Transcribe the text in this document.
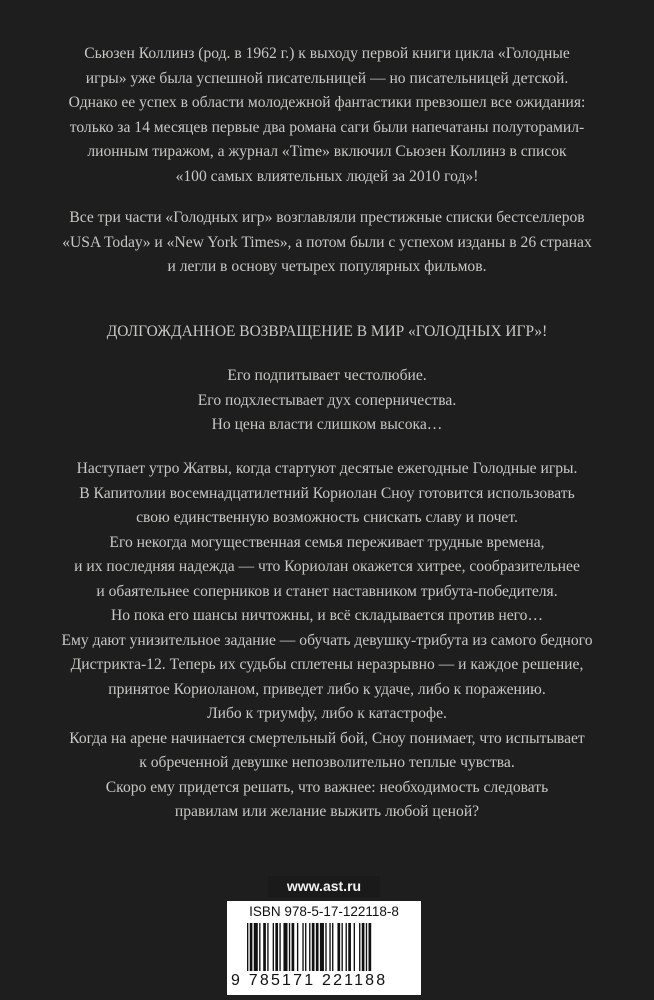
Сьюзен Коллинз (род. в 1962 г.) к выходу первой книги цикла «Голодные
игры» уже была успешной писательницей — но писательницей детской.
Однако ее успех в области молодежной фантастики превзошел все ожидания:
только за 14 месяцев первые два романа саги были напечатаны полуторамил-
лионным тиражом, а журнал «Time» включил Сьюзен Коллинз в список
«100 самых влиятельных людей за 2010 год»!

Все три части «Голодных игр» возглавляли престижные списки бестселлеров
«USA Today» и «New York Times», а потом были с успехом изданы в 26 странах
и легли в основу четырех популярных фильмов.

ДОЛГОЖДАННОЕ ВОЗВРАЩЕНИЕ В МИР «ГОЛОДНЫХ ИГР»!

Его подпитывает честолюбие.
Его подхлестывает дух соперничества.
Но цена власти слишком высока…

Наступает утро Жатвы, когда стартуют десятые ежегодные Голодные игры.
В Капитолии восемнадцатилетний Кориолан Сноу готовится использовать
свою единственную возможность снискать славу и почет.
Его некогда могущественная семья переживает трудные времена,
и их последняя надежда — что Кориолан окажется хитрее, сообразительнее
и обаятельнее соперников и станет наставником трибута-победителя.
Но пока его шансы ничтожны, и всё складывается против него…
Ему дают унизительное задание — обучать девушку-трибута из самого бедного
Дистрикта-12. Теперь их судьбы сплетены неразрывно — и каждое решение,
принятое Кориоланом, приведет либо к удаче, либо к поражению.
Либо к триумфу, либо к катастрофе.
Когда на арене начинается смертельный бой, Сноу понимает, что испытывает
к обреченной девушке непозволительно теплые чувства.
Скоро ему придется решать, что важнее: необходимость следовать
правилам или желание выжить любой ценой?

www.ast.ru
ISBN 978-5-17-122118-8
9 785171 221188
